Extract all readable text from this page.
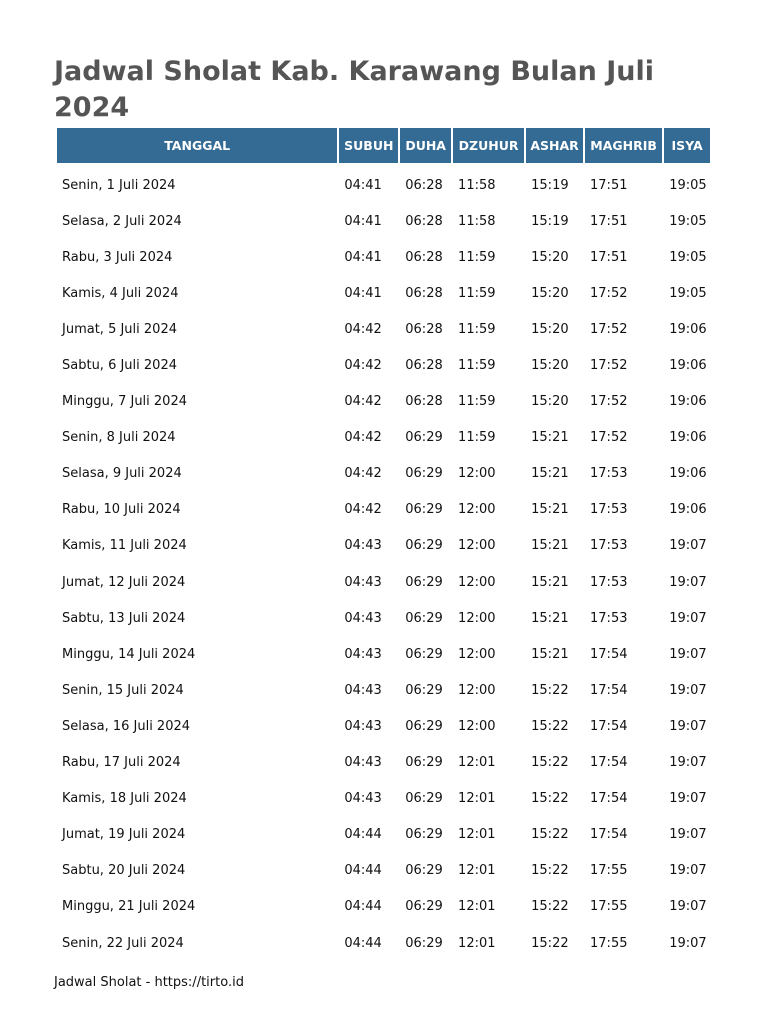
Jadwal Sholat Kab. Karawang Bulan Juli 2024
TANGGAL	SUBUH	DUHA	DZUHUR	ASHAR	MAGHRIB	ISYA
Senin, 1 Juli 2024	04:41	06:28	11:58	15:19	17:51	19:05
Selasa, 2 Juli 2024	04:41	06:28	11:58	15:19	17:51	19:05
Rabu, 3 Juli 2024	04:41	06:28	11:59	15:20	17:51	19:05
Kamis, 4 Juli 2024	04:41	06:28	11:59	15:20	17:52	19:05
Jumat, 5 Juli 2024	04:42	06:28	11:59	15:20	17:52	19:06
Sabtu, 6 Juli 2024	04:42	06:28	11:59	15:20	17:52	19:06
Minggu, 7 Juli 2024	04:42	06:28	11:59	15:20	17:52	19:06
Senin, 8 Juli 2024	04:42	06:29	11:59	15:21	17:52	19:06
Selasa, 9 Juli 2024	04:42	06:29	12:00	15:21	17:53	19:06
Rabu, 10 Juli 2024	04:42	06:29	12:00	15:21	17:53	19:06
Kamis, 11 Juli 2024	04:43	06:29	12:00	15:21	17:53	19:07
Jumat, 12 Juli 2024	04:43	06:29	12:00	15:21	17:53	19:07
Sabtu, 13 Juli 2024	04:43	06:29	12:00	15:21	17:53	19:07
Minggu, 14 Juli 2024	04:43	06:29	12:00	15:21	17:54	19:07
Senin, 15 Juli 2024	04:43	06:29	12:00	15:22	17:54	19:07
Selasa, 16 Juli 2024	04:43	06:29	12:00	15:22	17:54	19:07
Rabu, 17 Juli 2024	04:43	06:29	12:01	15:22	17:54	19:07
Kamis, 18 Juli 2024	04:43	06:29	12:01	15:22	17:54	19:07
Jumat, 19 Juli 2024	04:44	06:29	12:01	15:22	17:54	19:07
Sabtu, 20 Juli 2024	04:44	06:29	12:01	15:22	17:55	19:07
Minggu, 21 Juli 2024	04:44	06:29	12:01	15:22	17:55	19:07
Senin, 22 Juli 2024	04:44	06:29	12:01	15:22	17:55	19:07
Jadwal Sholat - https://tirto.id
